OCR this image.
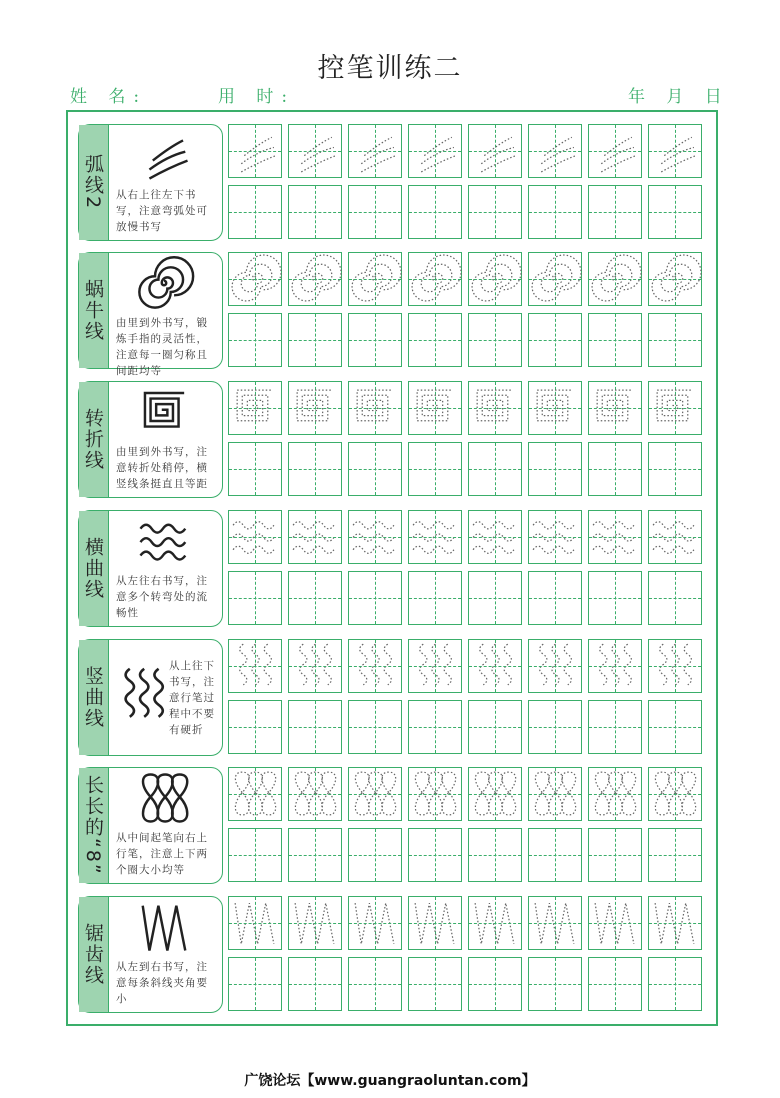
控笔训练二
姓 名:	用 时:	年 月 日
弧线2 从右上往左下书写，注意弯弧处可放慢书写
蜗牛线 由里到外书写，锻炼手指的灵活性，注意每一圈匀称且间距均等
转折线 由里到外书写，注意转折处稍停，横竖线条挺直且等距
横曲线 从左往右书写，注意多个转弯处的流畅性
竖曲线	从上往下书写，注意行笔过程中不要有硬折
长长的“8” 从中间起笔向右上行笔，注意上下两个圈大小均等
锯齿线 从左到右书写，注意每条斜线夹角要小
广饶论坛【www.guangraoluntan.com】
